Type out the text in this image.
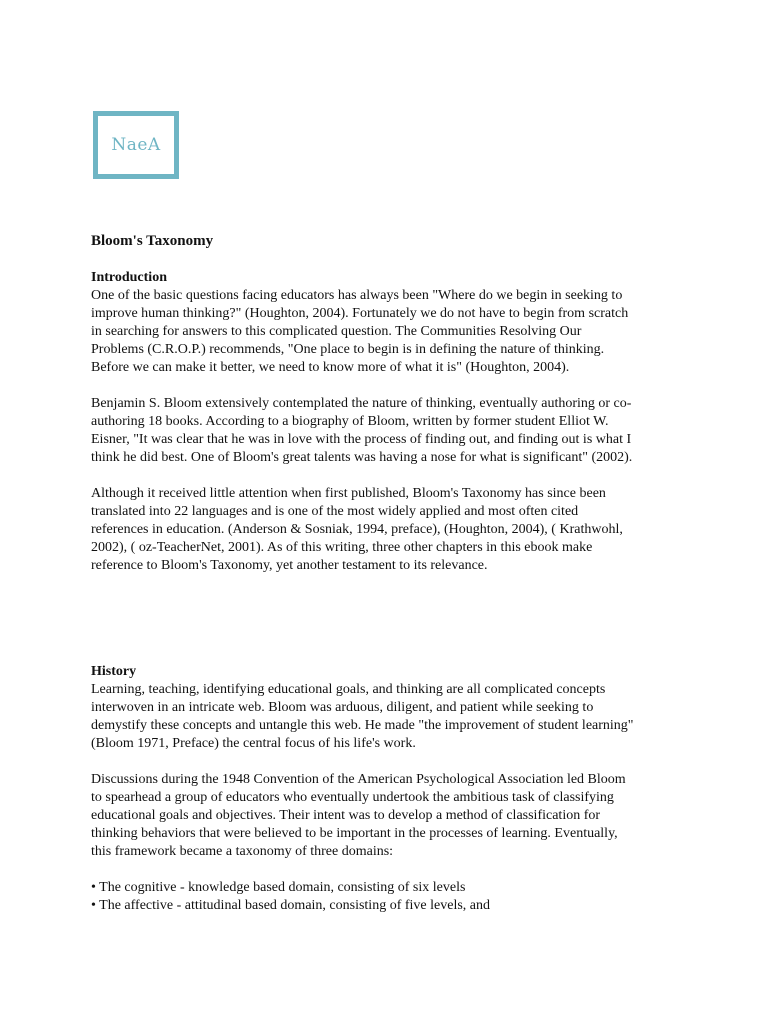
NaeA
Bloom's Taxonomy
Introduction

One of the basic questions facing educators has always been "Where do we begin in seeking to
improve human thinking?" (Houghton, 2004). Fortunately we do not have to begin from scratch
in searching for answers to this complicated question. The Communities Resolving Our
Problems (C.R.O.P.) recommends, "One place to begin is in defining the nature of thinking.
Before we can make it better, we need to know more of what it is" (Houghton, 2004).

Benjamin S. Bloom extensively contemplated the nature of thinking, eventually authoring or co-
authoring 18 books. According to a biography of Bloom, written by former student Elliot W.
Eisner, "It was clear that he was in love with the process of finding out, and finding out is what I
think he did best. One of Bloom's great talents was having a nose for what is significant" (2002).

Although it received little attention when first published, Bloom's Taxonomy has since been
translated into 22 languages and is one of the most widely applied and most often cited
references in education. (Anderson & Sosniak, 1994, preface), (Houghton, 2004), ( Krathwohl,
2002), ( oz-TeacherNet, 2001). As of this writing, three other chapters in this ebook make
reference to Bloom's Taxonomy, yet another testament to its relevance.

History

Learning, teaching, identifying educational goals, and thinking are all complicated concepts
interwoven in an intricate web. Bloom was arduous, diligent, and patient while seeking to
demystify these concepts and untangle this web. He made "the improvement of student learning"
(Bloom 1971, Preface) the central focus of his life's work.

Discussions during the 1948 Convention of the American Psychological Association led Bloom
to spearhead a group of educators who eventually undertook the ambitious task of classifying
educational goals and objectives. Their intent was to develop a method of classification for
thinking behaviors that were believed to be important in the processes of learning. Eventually,
this framework became a taxonomy of three domains:

• The cognitive - knowledge based domain, consisting of six levels
• The affective - attitudinal based domain, consisting of five levels, and
